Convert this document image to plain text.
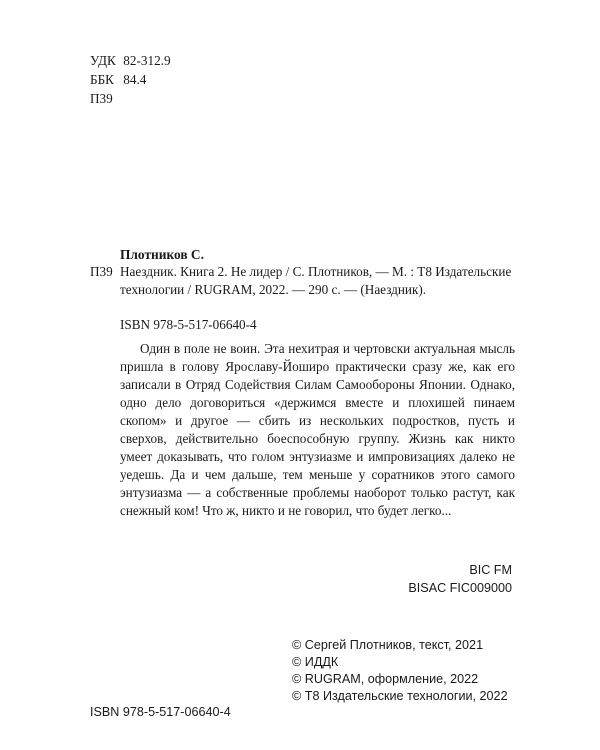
УДК 82-312.9
ББК 84.4
П39
Плотников С.
П39 Наездник. Книга 2. Не лидер / С. Плотников, — М. : Т8 Издательские технологии / RUGRAM, 2022. — 290 с. — (Наездник).
ISBN 978-5-517-06640-4

Один в поле не воин. Эта нехитрая и чертовски актуальная мысль пришла в голову Ярославу-Йоширо практически сразу же, как его записали в Отряд Содействия Силам Самообороны Японии. Однако, одно дело договориться «держимся вместе и плохишей пинаем скопом» и другое — сбить из нескольких подростков, пусть и сверхов, действительно боеспособную группу. Жизнь как никто умеет доказывать, что голом энтузиазме и импровизациях далеко не уедешь. Да и чем дальше, тем меньше у соратников этого самого энтузиазма — а собственные проблемы наоборот только растут, как снежный ком! Что ж, никто и не говорил, что будет легко...

BIC FM
BISAC FIC009000
© Сергей Плотников, текст, 2021
© ИДДК
© RUGRAM, оформление, 2022
© Т8 Издательские технологии, 2022
ISBN 978-5-517-06640-4
